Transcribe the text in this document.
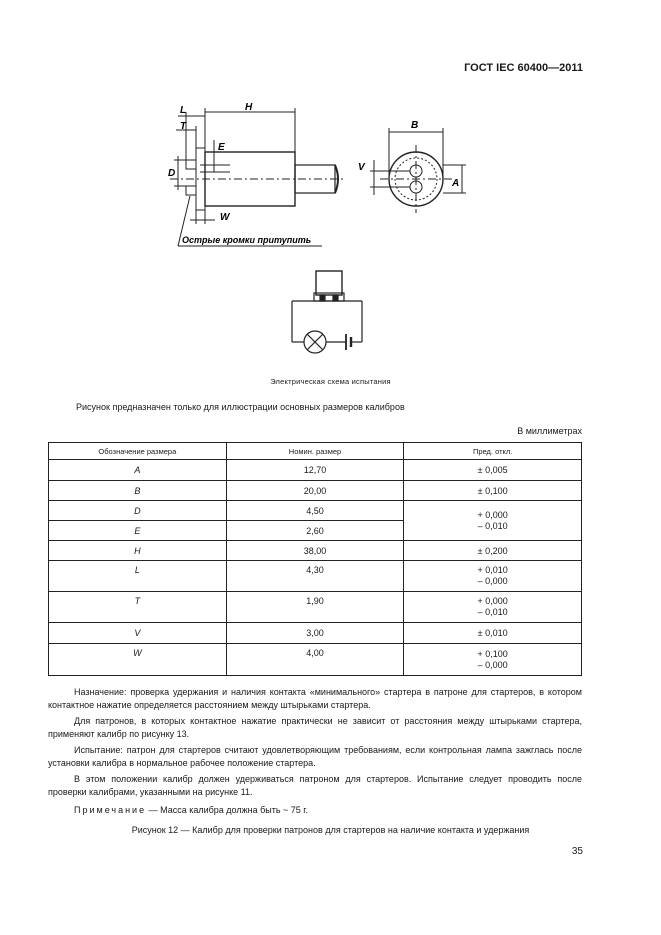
ГОСТ IEC 60400—2011
L
T
H
D
E
W
Острые кромки притупить
B
V
A
Электрическая схема испытания
Рисунок предназначен только для иллюстрации основных размеров калибров
В миллиметрах
Обозначение размера	Номин. размер	Пред. откл.
A	12,70	± 0,005
B	20,00	± 0,100
D	4,50	+ 0,000
– 0,010

E	2,60	
H	38,00	± 0,200
L	4,30	+ 0,010
– 0,000

T	1,90	+ 0,000
– 0,010

V	3,00	± 0,010
W	4,00	+ 0,100
– 0,000

Назначение: проверка удержания и наличия контакта «минимального» стартера в патроне для стартеров, в котором контактное нажатие определяется расстоянием между штырьками стартера.

Для патронов, в которых контактное нажатие практически не зависит от расстояния между штырьками стартера, применяют калибр по рисунку 13.

Испытание: патрон для стартеров считают удовлетворяющим требованиям, если контрольная лампа зажглась после установки калибра в нормальное рабочее положение стартера.

В этом положении калибр должен удерживаться патроном для стартеров. Испытание следует проводить после проверки калибрами, указанными на рисунке 11.

Примечание — Масса калибра должна быть ~ 75 г.

Рисунок 12 — Калибр для проверки патронов для стартеров на наличие контакта и удержания
35
